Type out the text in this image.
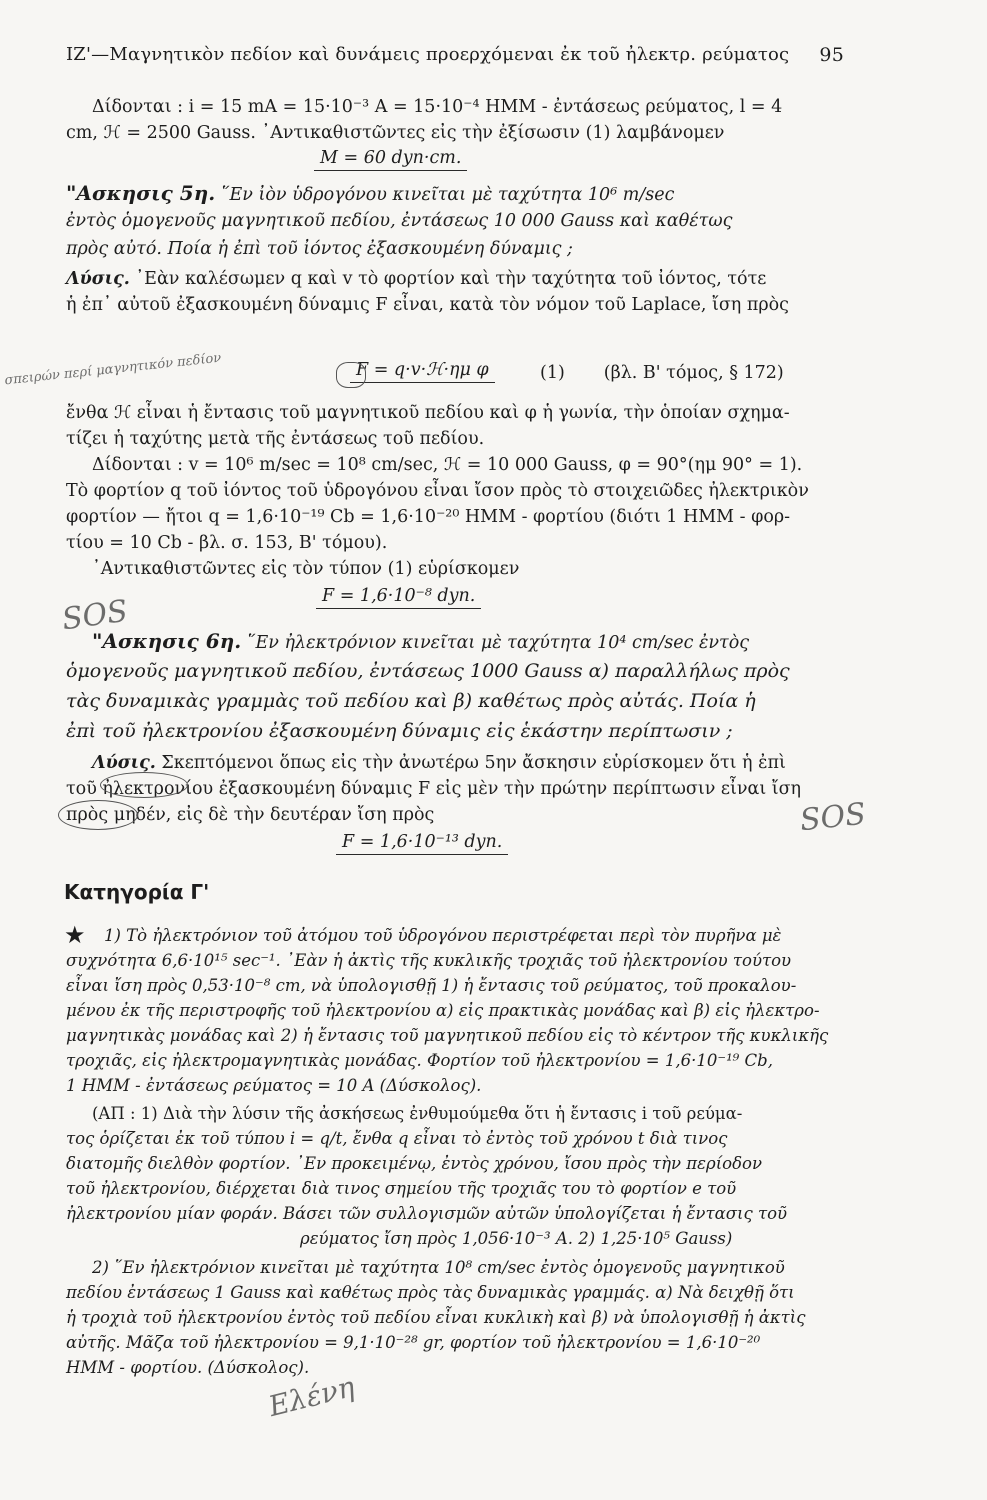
ΙΖ'—Μαγνητικὸν πεδίον καὶ δυνάμεις προερχόμεναι ἐκ τοῦ ἠλεκτρ. ρεύματος 95
Δίδονται : i = 15 mA = 15·10⁻³ A = 15·10⁻⁴ ΗΜΜ - ἐντάσεως ρεύματος, l = 4
cm, ℋ = 2500 Gauss. ᾿Αντικαθιστῶντες εἰς τὴν ἐξίσωσιν (1) λαμβάνομεν
M = 60 dyn·cm.
"Ασκησις 5η. ῞Εν ἰὸν ὑδρογόνου κινεῖται μὲ ταχύτητα 10⁶ m/sec
ἐντὸς ὁμογενοῦς μαγνητικοῦ πεδίου, ἐντάσεως 10 000 Gauss καὶ καθέτως
πρὸς αὐτό. Ποία ἡ ἐπὶ τοῦ ἰόντος ἐξασκουμένη δύναμις ;
Λύσις. ᾿Εὰν καλέσωμεν q καὶ v τὸ φορτίον καὶ τὴν ταχύτητα τοῦ ἰόντος, τότε
ἡ ἐπ᾿ αὐτοῦ ἐξασκουμένη δύναμις F εἶναι, κατὰ τὸν νόμον τοῦ Laplace, ἴση πρὸς
F = q·v·ℋ·ημ φ	(1) (βλ. Β' τόμος, § 172)
ἔνθα ℋ εἶναι ἡ ἔντασις τοῦ μαγνητικοῦ πεδίου καὶ φ ἡ γωνία, τὴν ὁποίαν σχημα-
τίζει ἡ ταχύτης μετὰ τῆς ἐντάσεως τοῦ πεδίου.
Δίδονται : v = 10⁶ m/sec = 10⁸ cm/sec, ℋ = 10 000 Gauss, φ = 90°(ημ 90° = 1).
Τὸ φορτίον q τοῦ ἰόντος τοῦ ὑδρογόνου εἶναι ἴσον πρὸς τὸ στοιχειῶδες ἠλεκτρικὸν
φορτίον — ἤτοι q = 1,6·10⁻¹⁹ Cb = 1,6·10⁻²⁰ ΗΜΜ - φορτίου (διότι 1 ΗΜΜ - φορ-
τίου = 10 Cb - βλ. σ. 153, Β' τόμου).
᾿Αντικαθιστῶντες εἰς τὸν τύπον (1) εὑρίσκομεν
F = 1,6·10⁻⁸ dyn.
"Ασκησις 6η. ῞Εν ἠλεκτρόνιον κινεῖται μὲ ταχύτητα 10⁴ cm/sec ἐντὸς
ὁμογενοῦς μαγνητικοῦ πεδίου, ἐντάσεως 1000 Gauss α) παραλλήλως πρὸς
τὰς δυναμικὰς γραμμὰς τοῦ πεδίου καὶ β) καθέτως πρὸς αὐτάς. Ποία ἡ
ἐπὶ τοῦ ἠλεκτρονίου ἐξασκουμένη δύναμις εἰς ἑκάστην περίπτωσιν ;
Λύσις. Σκεπτόμενοι ὅπως εἰς τὴν ἀνωτέρω 5ην ἄσκησιν εὑρίσκομεν ὅτι ἡ ἐπὶ
τοῦ ἠλεκτρονίου ἐξασκουμένη δύναμις F εἰς μὲν τὴν πρώτην περίπτωσιν εἶναι ἴση
πρὸς μηδέν, εἰς δὲ τὴν δευτέραν ἴση πρὸς
F = 1,6·10⁻¹³ dyn.
Κατηγορία Γ'
★ 1) Τὸ ἠλεκτρόνιον τοῦ ἀτόμου τοῦ ὑδρογόνου περιστρέφεται περὶ τὸν πυρῆνα μὲ
συχνότητα 6,6·10¹⁵ sec⁻¹. ᾿Εὰν ἡ ἀκτὶς τῆς κυκλικῆς τροχιᾶς τοῦ ἠλεκτρονίου τούτου
εἶναι ἴση πρὸς 0,53·10⁻⁸ cm, νὰ ὑπολογισθῇ 1) ἡ ἔντασις τοῦ ρεύματος, τοῦ προκαλου-
μένου ἐκ τῆς περιστροφῆς τοῦ ἠλεκτρονίου α) εἰς πρακτικὰς μονάδας καὶ β) εἰς ἠλεκτρο-
μαγνητικὰς μονάδας καὶ 2) ἡ ἔντασις τοῦ μαγνητικοῦ πεδίου εἰς τὸ κέντρον τῆς κυκλικῆς
τροχιᾶς, εἰς ἠλεκτρομαγνητικὰς μονάδας. Φορτίον τοῦ ἠλεκτρονίου = 1,6·10⁻¹⁹ Cb,
1 ΗΜΜ - ἐντάσεως ρεύματος = 10 A (Δύσκολος).
(ΑΠ : 1) Διὰ τὴν λύσιν τῆς ἀσκήσεως ἐνθυμούμεθα ὅτι ἡ ἔντασις i τοῦ ρεύμα-
τος ὁρίζεται ἐκ τοῦ τύπου i = q/t, ἔνθα q εἶναι τὸ ἐντὸς τοῦ χρόνου t διὰ τινος
διατομῆς διελθὸν φορτίον. ᾿Εν προκειμένῳ, ἐντὸς χρόνου, ἴσου πρὸς τὴν περίοδον
τοῦ ἠλεκτρονίου, διέρχεται διὰ τινος σημείου τῆς τροχιᾶς του τὸ φορτίον e τοῦ
ἠλεκτρονίου μίαν φοράν. Βάσει τῶν συλλογισμῶν αὐτῶν ὑπολογίζεται ἡ ἔντασις τοῦ
ρεύματος ἴση πρὸς 1,056·10⁻³ A. 2) 1,25·10⁵ Gauss)
2) ῞Εν ἠλεκτρόνιον κινεῖται μὲ ταχύτητα 10⁸ cm/sec ἐντὸς ὁμογενοῦς μαγνητικοῦ
πεδίου ἐντάσεως 1 Gauss καὶ καθέτως πρὸς τὰς δυναμικὰς γραμμάς. α) Νὰ δειχθῇ ὅτι
ἡ τροχιὰ τοῦ ἠλεκτρονίου ἐντὸς τοῦ πεδίου εἶναι κυκλικὴ καὶ β) νὰ ὑπολογισθῇ ἡ ἀκτὶς
αὐτῆς. Μᾶζα τοῦ ἠλεκτρονίου = 9,1·10⁻²⁸ gr, φορτίον τοῦ ἠλεκτρονίου = 1,6·10⁻²⁰
ΗΜΜ - φορτίου. (Δύσκολος).
σπειρών περί μαγνητικόν πεδίον
SOS
SOS
Ελένη
